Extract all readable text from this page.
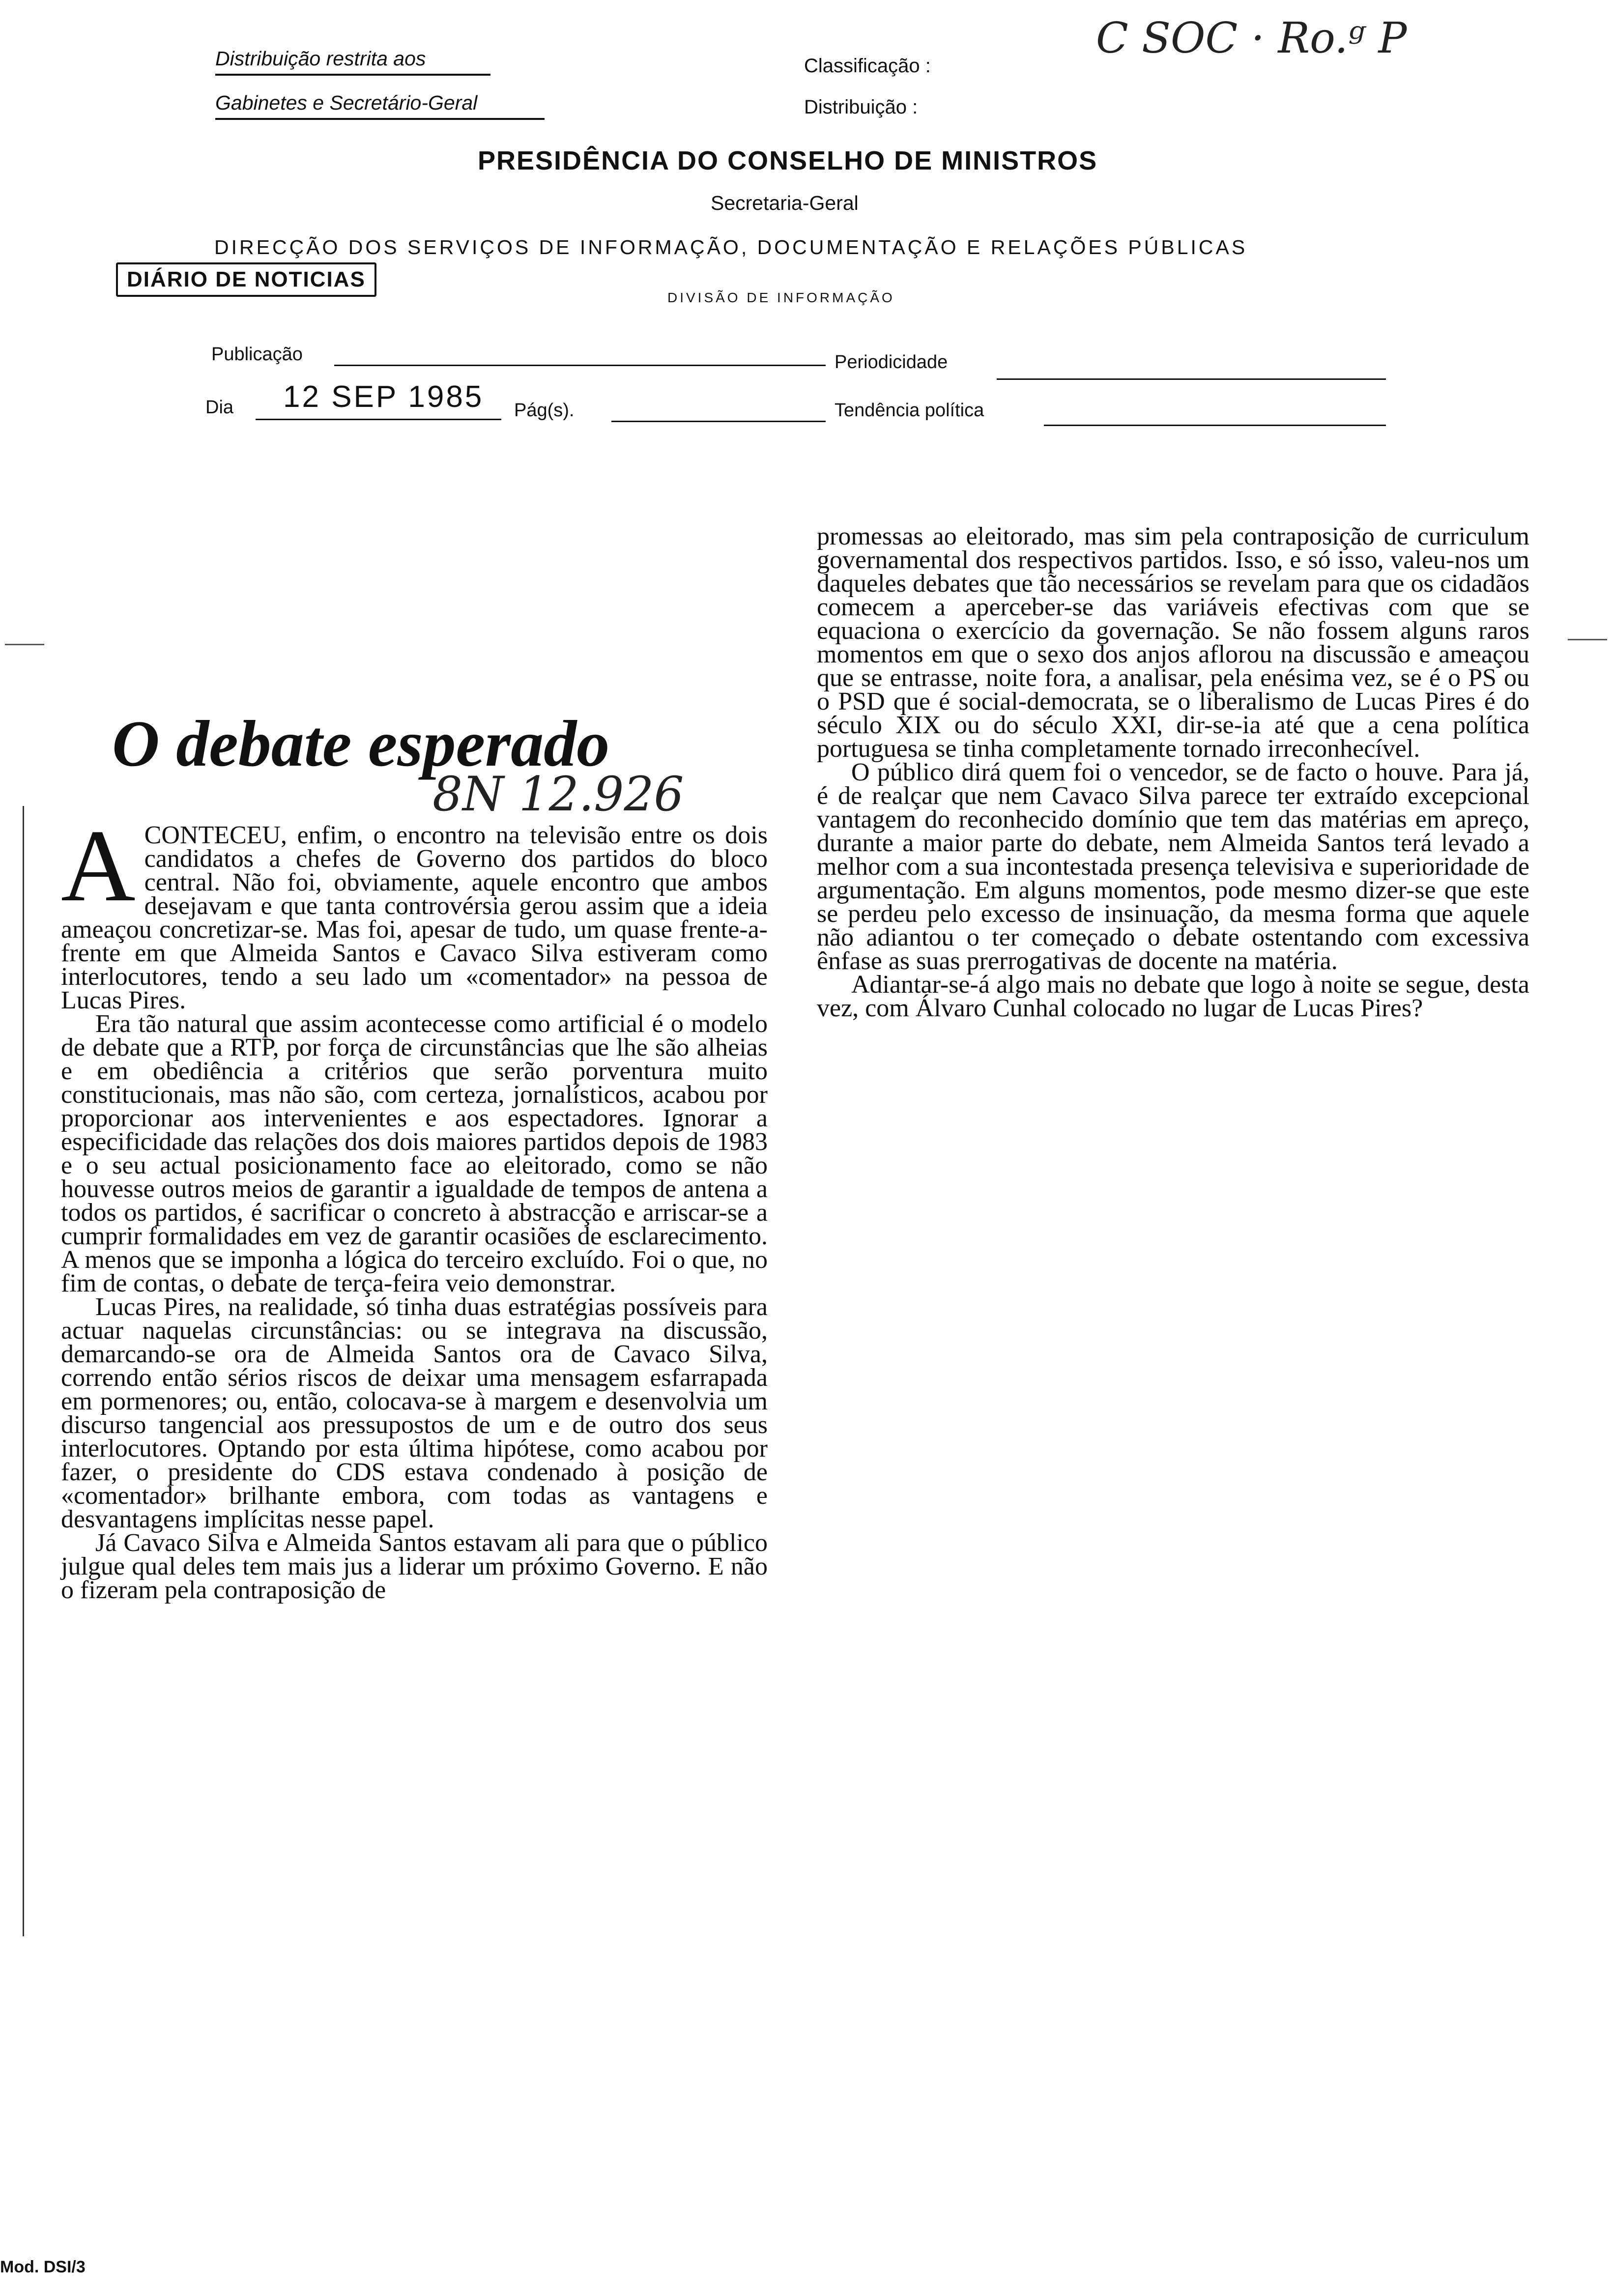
Distribuição restrita aos
Gabinetes e Secretário-Geral
Classificação :
Distribuição :
C SOC · Ro.ᵍ P
PRESIDÊNCIA DO CONSELHO DE MINISTROS
Secretaria-Geral
DIRECÇÃO DOS SERVIÇOS DE INFORMAÇÃO, DOCUMENTAÇÃO E RELAÇÕES PÚBLICAS
DIÁRIO DE NOTICIAS
DIVISÃO DE INFORMAÇÃO
Publicação	Periodicidade
Dia 12 SEP 1985 Pág(s).	Tendência política
O debate esperado
8N 12.926

ACONTECEU, enfim, o encontro na televisão entre os dois candidatos a chefes de Governo dos partidos do bloco central. Não foi, obviamente, aquele encontro que ambos desejavam e que tanta controvérsia gerou assim que a ideia ameaçou concretizar-se. Mas foi, apesar de tudo, um quase frente-a-frente em que Almeida Santos e Cavaco Silva estiveram como interlocutores, tendo a seu lado um «comentador» na pessoa de Lucas Pires.

Era tão natural que assim acontecesse como artificial é o modelo de debate que a RTP, por força de circunstâncias que lhe são alheias e em obediência a critérios que serão porventura muito constitucionais, mas não são, com certeza, jornalísticos, acabou por proporcionar aos intervenientes e aos espectadores. Ignorar a especificidade das relações dos dois maiores partidos depois de 1983 e o seu actual posicionamento face ao eleitorado, como se não houvesse outros meios de garantir a igualdade de tempos de antena a todos os partidos, é sacrificar o concreto à abstracção e arriscar-se a cumprir formalidades em vez de garantir ocasiões de esclarecimento. A menos que se imponha a lógica do terceiro excluído. Foi o que, no fim de contas, o debate de terça-feira veio demonstrar.

Lucas Pires, na realidade, só tinha duas estratégias possíveis para actuar naquelas circunstâncias: ou se integrava na discussão, demarcando-se ora de Almeida Santos ora de Cavaco Silva, correndo então sérios riscos de deixar uma mensagem esfarrapada em pormenores; ou, então, colocava-se à margem e desenvolvia um discurso tangencial aos pressupostos de um e de outro dos seus interlocutores. Optando por esta última hipótese, como acabou por fazer, o presidente do CDS estava condenado à posição de «comentador» brilhante embora, com todas as vantagens e desvantagens implícitas nesse papel.

Já Cavaco Silva e Almeida Santos estavam ali para que o público julgue qual deles tem mais jus a liderar um próximo Governo. E não o fizeram pela contraposição de

promessas ao eleitorado, mas sim pela contraposição de curriculum governamental dos respectivos partidos. Isso, e só isso, valeu-nos um daqueles debates que tão necessários se revelam para que os cidadãos comecem a aperceber-se das variáveis efectivas com que se equaciona o exercício da governação. Se não fossem alguns raros momentos em que o sexo dos anjos aflorou na discussão e ameaçou que se entrasse, noite fora, a analisar, pela enésima vez, se é o PS ou o PSD que é social-democrata, se o liberalismo de Lucas Pires é do século XIX ou do século XXI, dir-se-ia até que a cena política portuguesa se tinha completamente tornado irreconhecível.

O público dirá quem foi o vencedor, se de facto o houve. Para já, é de realçar que nem Cavaco Silva parece ter extraído excepcional vantagem do reconhecido domínio que tem das matérias em apreço, durante a maior parte do debate, nem Almeida Santos terá levado a melhor com a sua incontestada presença televisiva e superioridade de argumentação. Em alguns momentos, pode mesmo dizer-se que este se perdeu pelo excesso de insinuação, da mesma forma que aquele não adiantou o ter começado o debate ostentando com excessiva ênfase as suas prerrogativas de docente na matéria.

Adiantar-se-á algo mais no debate que logo à noite se segue, desta vez, com Álvaro Cunhal colocado no lugar de Lucas Pires?

Mod. DSI/3
